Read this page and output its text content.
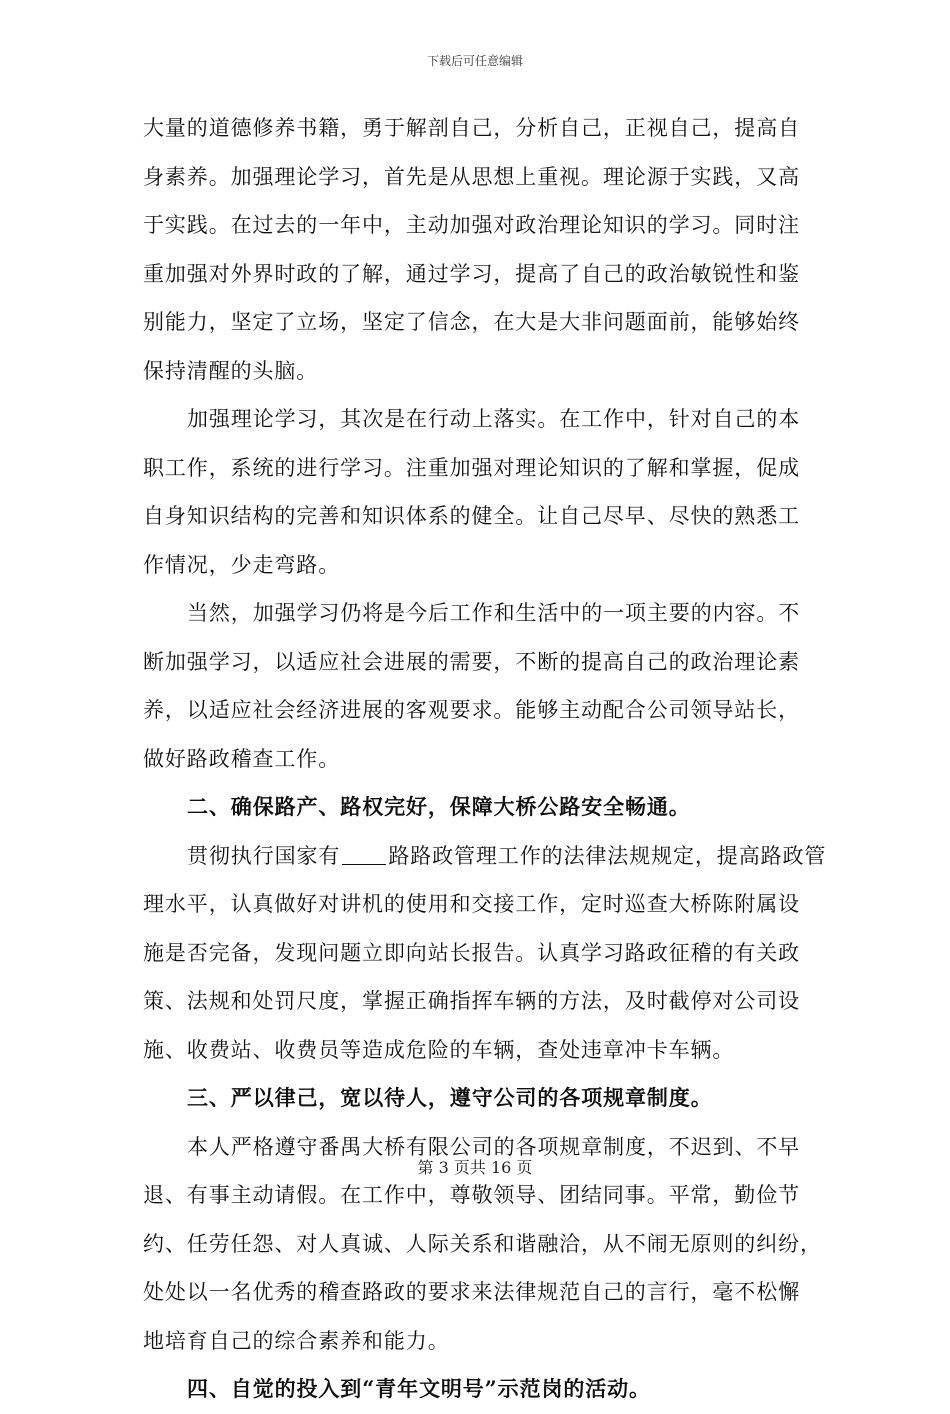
下载后可任意编辑
大量的道德修养书籍，勇于解剖自己，分析自己，正视自己，提高自
身素养。加强理论学习，首先是从思想上重视。理论源于实践，又高
于实践。在过去的一年中，主动加强对政治理论知识的学习。同时注
重加强对外界时政的了解，通过学习，提高了自己的政治敏锐性和鉴
别能力，坚定了立场，坚定了信念，在大是大非问题面前，能够始终
保持清醒的头脑。
加强理论学习，其次是在行动上落实。在工作中，针对自己的本
职工作，系统的进行学习。注重加强对理论知识的了解和掌握，促成
自身知识结构的完善和知识体系的健全。让自己尽早、尽快的熟悉工
作情况，少走弯路。
当然，加强学习仍将是今后工作和生活中的一项主要的内容。不
断加强学习，以适应社会进展的需要，不断的提高自己的政治理论素
养，以适应社会经济进展的客观要求。能够主动配合公司领导站长，
做好路政稽查工作。
二、确保路产、路权完好，保障大桥公路安全畅通。
贯彻执行国家有 路路政管理工作的法律法规规定，提高路政管
理水平，认真做好对讲机的使用和交接工作，定时巡查大桥陈附属设
施是否完备，发现问题立即向站长报告。认真学习路政征稽的有关政
策、法规和处罚尺度，掌握正确指挥车辆的方法，及时截停对公司设
施、收费站、收费员等造成危险的车辆，查处违章冲卡车辆。
三、严以律己，宽以待人，遵守公司的各项规章制度。
本人严格遵守番禺大桥有限公司的各项规章制度，不迟到、不早
退、有事主动请假。在工作中，尊敬领导、团结同事。平常，勤俭节
约、任劳任怨、对人真诚、人际关系和谐融洽，从不闹无原则的纠纷，
处处以一名优秀的稽查路政的要求来法律规范自己的言行，毫不松懈
地培育自己的综合素养和能力。
四、自觉的投入到“青年文明号”示范岗的活动。
第 3 页共 16 页
